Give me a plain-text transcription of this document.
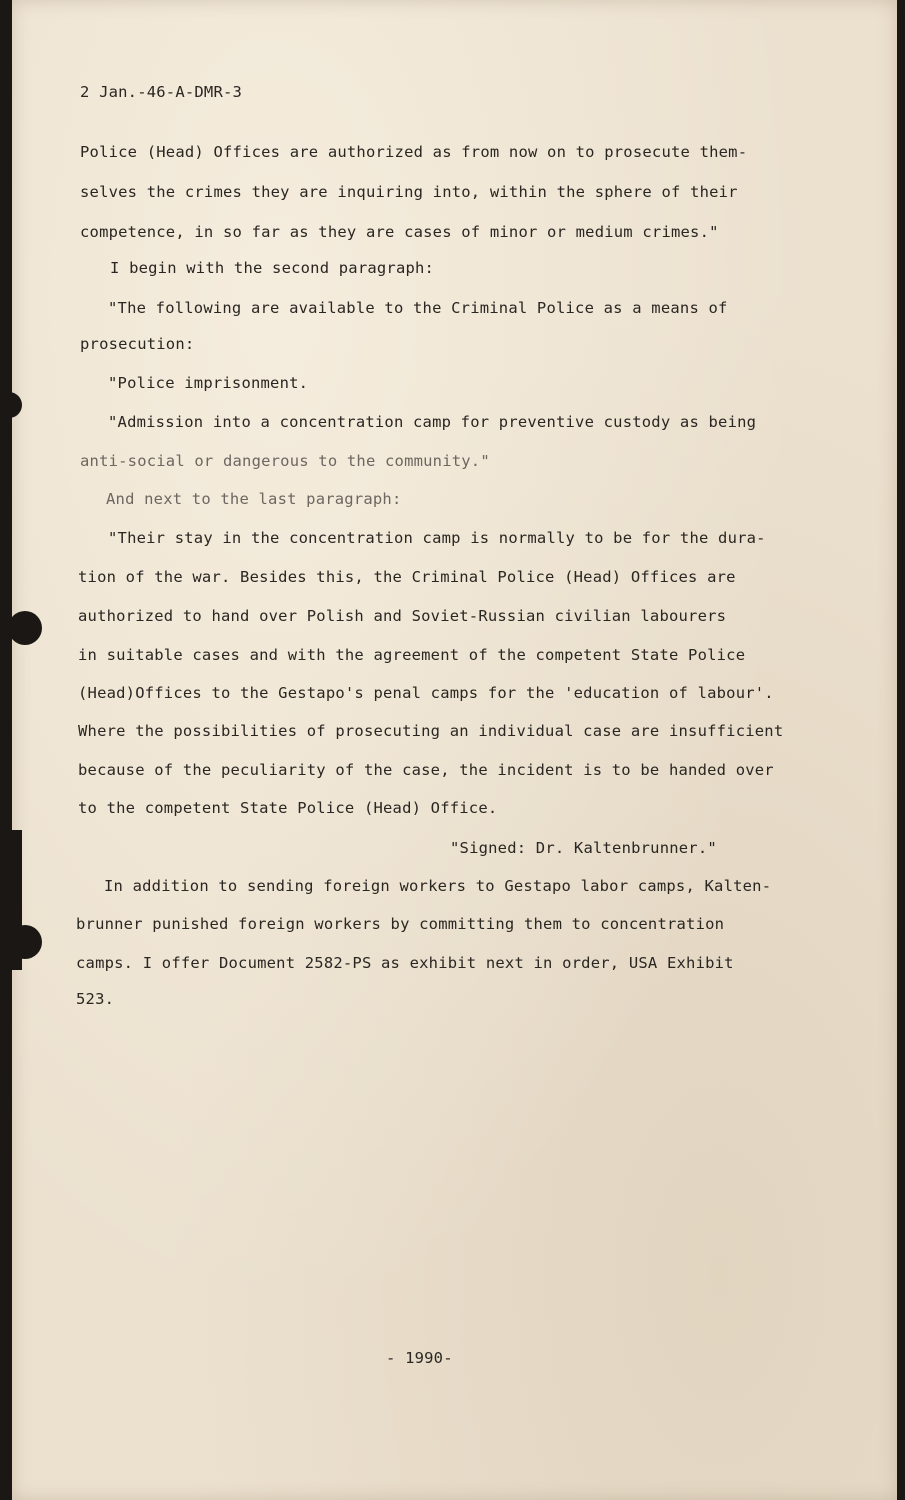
2 Jan.-46-A-DMR-3
Police (Head) Offices are authorized as from now on to prosecute them-
selves the crimes they are inquiring into, within the sphere of their
competence, in so far as they are cases of minor or medium crimes."
I begin with the second paragraph:
"The following are available to the Criminal Police as a means of
prosecution:
"Police imprisonment.
"Admission into a concentration camp for preventive custody as being
anti-social or dangerous to the community."
And next to the last paragraph:
"Their stay in the concentration camp is normally to be for the dura-
tion of the war. Besides this, the Criminal Police (Head) Offices are
authorized to hand over Polish and Soviet-Russian civilian labourers
in suitable cases and with the agreement of the competent State Police
(Head)Offices to the Gestapo's penal camps for the 'education of labour'.
Where the possibilities of prosecuting an individual case are insufficient
because of the peculiarity of the case, the incident is to be handed over
to the competent State Police (Head) Office.
"Signed: Dr. Kaltenbrunner."
In addition to sending foreign workers to Gestapo labor camps, Kalten-
brunner punished foreign workers by committing them to concentration
camps. I offer Document 2582-PS as exhibit next in order, USA Exhibit
523.
- 1990-
